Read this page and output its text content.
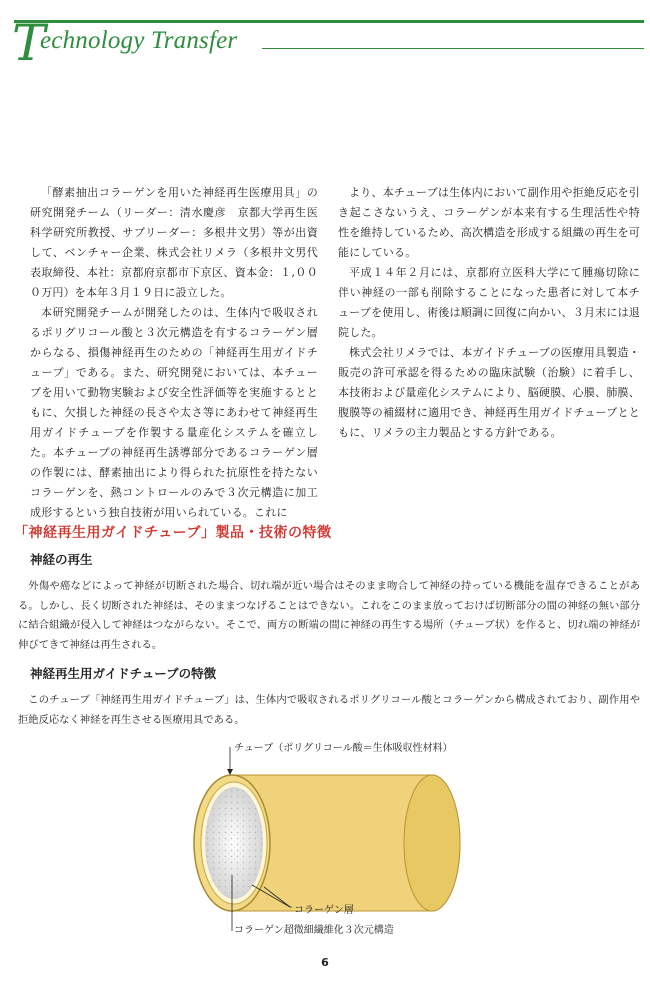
T
echnology Transfer

「酵素抽出コラーゲンを用いた神経再生医療用具」の研究開発チーム（リーダー：清水慶彦　京都大学再生医科学研究所教授、サブリーダー：多根井文男）等が出資して、ベンチャー企業、株式会社リメラ（多根井文男代表取締役、本社：京都府京都市下京区、資本金：１,０００万円）を本年３月１９日に設立した。

本研究開発チームが開発したのは、生体内で吸収されるポリグリコール酸と３次元構造を有するコラーゲン層からなる、損傷神経再生のための「神経再生用ガイドチューブ」である。また、研究開発においては、本チューブを用いて動物実験および安全性評価等を実施するとともに、欠損した神経の長さや太さ等にあわせて神経再生用ガイドチューブを作製する量産化システムを確立した。本チューブの神経再生誘導部分であるコラーゲン層の作製には、酵素抽出により得られた抗原性を持たないコラーゲンを、熱コントロールのみで３次元構造に加工成形するという独自技術が用いられている。これに

より、本チューブは生体内において副作用や拒絶反応を引き起こさないうえ、コラーゲンが本来有する生理活性や特性を維持しているため、高次構造を形成する組織の再生を可能にしている。

平成１４年２月には、京都府立医科大学にて腫瘍切除に伴い神経の一部も削除することになった患者に対して本チューブを使用し、術後は順調に回復に向かい、３月末には退院した。

株式会社リメラでは、本ガイドチューブの医療用具製造・販売の許可承認を得るための臨床試験（治験）に着手し、本技術および量産化システムにより、脳硬膜、心膜、肺膜、腹膜等の補綴材に適用でき、神経再生用ガイドチューブとともに、リメラの主力製品とする方針である。

「神経再生用ガイドチューブ」製品・技術の特徴
神経の再生

外傷や癌などによって神経が切断された場合、切れ端が近い場合はそのまま吻合して神経の持っている機能を温存できることがある。しかし、長く切断された神経は、そのままつなげることはできない。これをこのまま放っておけば切断部分の間の神経の無い部分に結合組織が侵入して神経はつながらない。そこで、両方の断端の間に神経の再生する場所（チューブ状）を作ると、切れ端の神経が伸びてきて神経は再生される。

神経再生用ガイドチューブの特徴

このチューブ「神経再生用ガイドチューブ」は、生体内で吸収されるポリグリコール酸とコラーゲンから構成されており、副作用や拒絶反応なく神経を再生させる医療用具である。

チューブ（ポリグリコール酸＝生体吸収性材料）
コラーゲン層
コラーゲン超微細繊維化３次元構造
6
